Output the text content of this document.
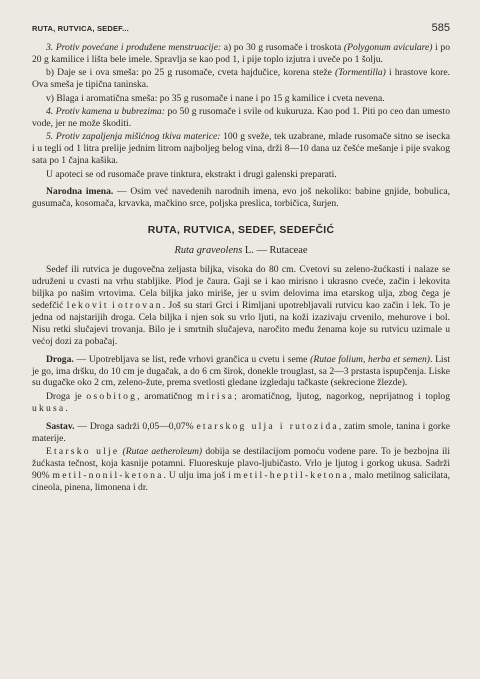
RUTA, RUTVICA, SEDEF...	585

3. Protiv povećane i produžene menstruacije: a) po 30 g rusomače i troskota (Polygonum aviculare) i po 20 g kamilice i lišta bele imele. Spravlja se kao pod 1, i pije toplo izjutra i uveče po 1 šolju.

b) Daje se i ova smeša: po 25 g rusomače, cveta hajdučice, korena steže (Tormentilla) i hrastove kore. Ova smeša je tipična taninska.

v) Blaga i aromatična smeša: po 35 g rusomače i nane i po 15 g kamilice i cveta nevena.

4. Protiv kamena u bubrezima: po 50 g rusomače i svile od kukuruza. Kao pod 1. Piti po ceo dan umesto vode, jer ne može škoditi.

5. Protiv zapaljenja mišićnog tkiva materice: 100 g sveže, tek uzabrane, mlade rusomače sitno se isecka i u tegli od 1 litra prelije jednim litrom najboljeg belog vina, drži 8—10 dana uz češće mešanje i pije svakog sata po 1 čajna kašika.

U apoteci se od rusomače prave tinktura, ekstrakt i drugi galenski preparati.

Narodna imena. — Osim već navedenih narodnih imena, evo još nekoliko: babine gnjide, bobulica, gusumača, kosomača, krvavka, mačkino srce, poljska preslica, torbičica, šurjen.

RUTA, RUTVICA, SEDEF, SEDEFČIĆ
Ruta graveolens L. — Rutaceae

Sedef ili rutvica je dugovečna zeljasta biljka, visoka do 80 cm. Cvetovi su zeleno-žućkasti i nalaze se udruženi u cvasti na vrhu stabljike. Plod je čaura. Gaji se i kao mirisno i ukrasno cveće, začin i lekovita biljka po našim vrtovima. Cela biljka jako miriše, jer u svim delovima ima etarskog ulja, zbog čega je sedefčić lekovit i otrovan. Još su stari Grci i Rimljani upotrebljavali rutvicu kao začin i lek. To je jedna od najstarijih droga. Cela biljka i njen sok su vrlo ljuti, na koži izazivaju crvenilo, mehurove i bol. Nisu retki slučajevi trovanja. Bilo je i smrtnih slučajeva, naročito među ženama koje su rutvicu uzimale u većoj dozi za pobačaj.

Droga. — Upotrebljava se list, ređe vrhovi grančica u cvetu i seme (Rutae folium, herba et semen). List je go, ima dršku, do 10 cm je dugačak, a do 6 cm širok, donekle trouglast, sa 2—3 prstasta ispupčenja. Liske su dugačke oko 2 cm, zeleno-žute, prema svetlosti gledane izgledaju tačkaste (sekrecione žlezde).

Droga je osobitog, aromatičnog mirisa; aromatičnog, ljutog, nagorkog, neprijatnog i toplog ukusa.

Sastav. — Droga sadrži 0,05—0,07% etarskog ulja i rutozida, zatim smole, tanina i gorke materije.

Etarsko ulje (Rutae aetheroleum) dobija se destilacijom pomoću vodene pare. To je bezbojna ili žućkasta tečnost, koja kasnije potamni. Fluoreskuje plavo-ljubičasto. Vrlo je ljutog i gorkog ukusa. Sadrži 90% metil-nonil-ketona. U ulju ima još i metil-heptil-ketona, malo metilnog salicilata, cineola, pinena, limonena i dr.
